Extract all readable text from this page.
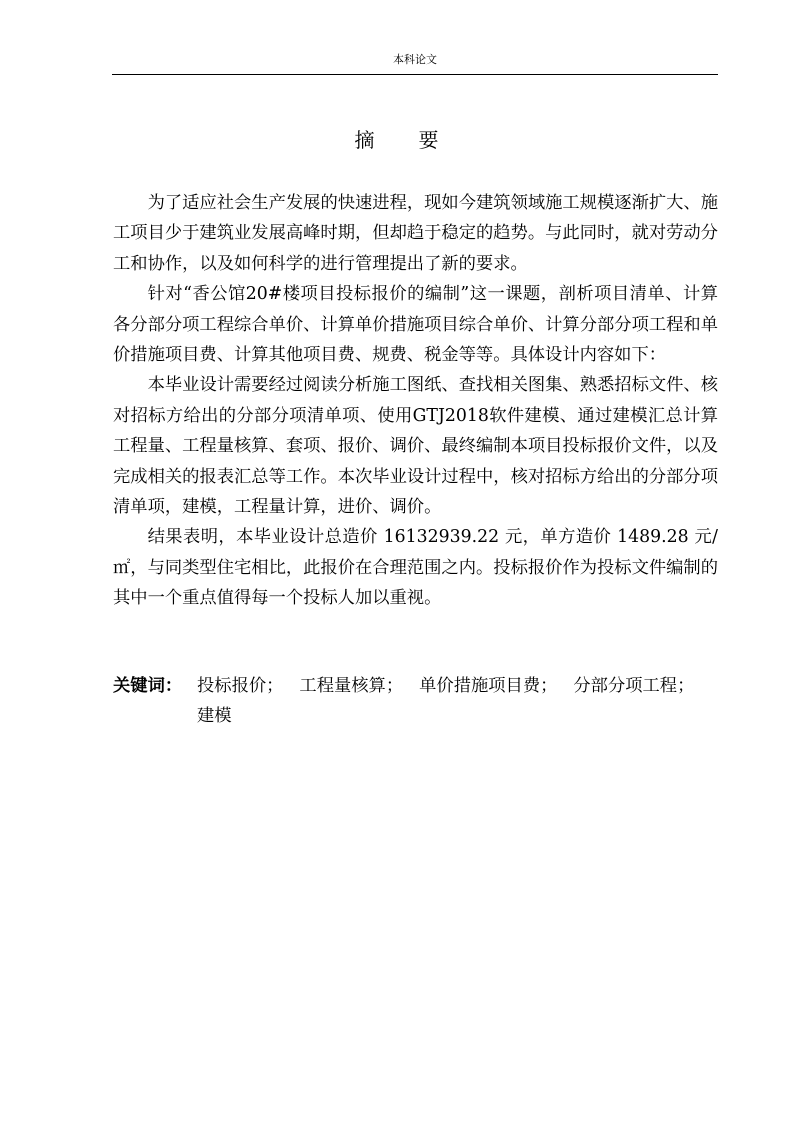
本科论文
摘 要

为了适应社会生产发展的快速进程，现如今建筑领域施工规模逐渐扩大、施工项目少于建筑业发展高峰时期，但却趋于稳定的趋势。与此同时，就对劳动分工和协作，以及如何科学的进行管理提出了新的要求。

针对“香公馆20#楼项目投标报价的编制”这一课题，剖析项目清单、计算各分部分项工程综合单价、计算单价措施项目综合单价、计算分部分项工程和单价措施项目费、计算其他项目费、规费、税金等等。具体设计内容如下：

本毕业设计需要经过阅读分析施工图纸、查找相关图集、熟悉招标文件、核对招标方给出的分部分项清单项、使用GTJ2018软件建模、通过建模汇总计算工程量、工程量核算、套项、报价、调价、最终编制本项目投标报价文件，以及完成相关的报表汇总等工作。本次毕业设计过程中，核对招标方给出的分部分项清单项，建模，工程量计算，进价、调价。

结果表明，本毕业设计总造价 16132939.22 元，单方造价 1489.28 元/㎡，与同类型住宅相比，此报价在合理范围之内。投标报价作为投标文件编制的其中一个重点值得每一个投标人加以重视。

关键词： 投标报价； 工程量核算； 单价措施项目费； 分部分项工程；
建模
